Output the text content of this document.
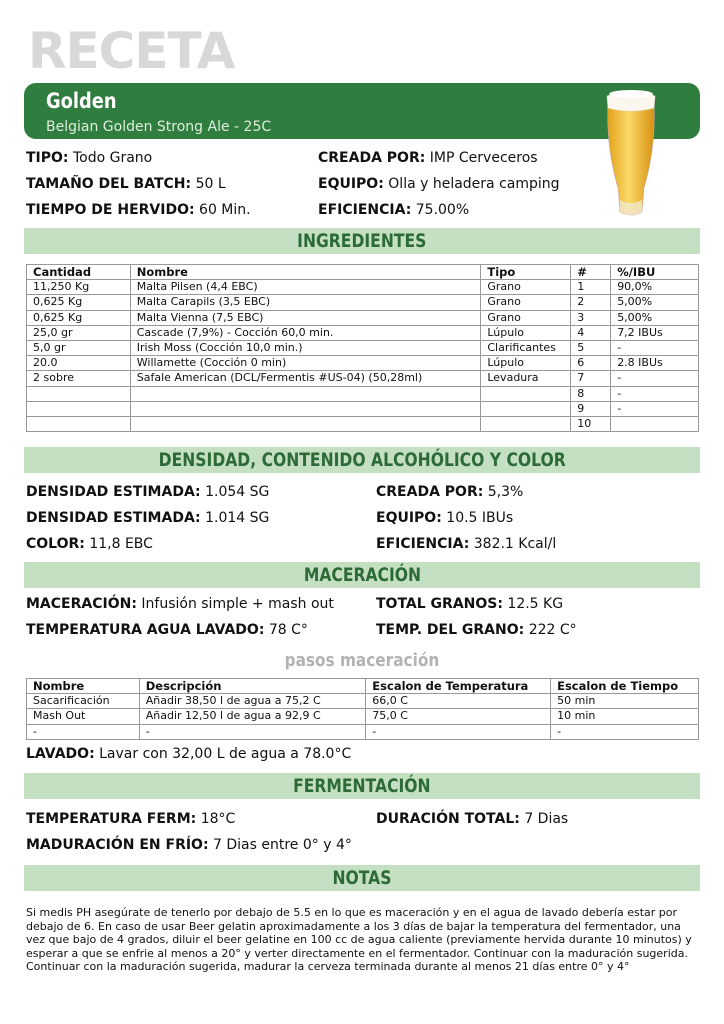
RECETA
Golden
Belgian Golden Strong Ale - 25C
TIPO: Todo Grano
TAMAÑO DEL BATCH: 50 L
TIEMPO DE HERVIDO: 60 Min.
CREADA POR: IMP Cerveceros
EQUIPO: Olla y heladera camping
EFICIENCIA: 75.00%
INGREDIENTES
Cantidad	Nombre	Tipo	#	%/IBU
11,250 Kg	Malta Pilsen (4,4 EBC)	Grano	1	90,0%
0,625 Kg	Malta Carapils (3,5 EBC)	Grano	2	5,00%
0,625 Kg	Malta Vienna (7,5 EBC)	Grano	3	5,00%
25,0 gr	Cascade (7,9%) - Cocción 60,0 min.	Lúpulo	4	7,2 IBUs
5,0 gr	Irish Moss (Cocción 10,0 min.)	Clarificantes	5	-
20.0	Willamette (Cocción 0 min)	Lúpulo	6	2.8 IBUs
2 sobre	Safale American (DCL/Fermentis #US-04) (50,28ml)	Levadura	7	-
			8	-
			9	-
			10	
DENSIDAD, CONTENIDO ALCOHÓLICO Y COLOR
DENSIDAD ESTIMADA: 1.054 SG
DENSIDAD ESTIMADA: 1.014 SG
COLOR: 11,8 EBC
CREADA POR: 5,3%
EQUIPO: 10.5 IBUs
EFICIENCIA: 382.1 Kcal/l
MACERACIÓN
MACERACIÓN: Infusión simple + mash out
TEMPERATURA AGUA LAVADO: 78 C°
TOTAL GRANOS: 12.5 KG
TEMP. DEL GRANO: 222 C°
pasos maceración
Nombre	Descripción	Escalon de Temperatura	Escalon de Tiempo
Sacarificación	Añadir 38,50 l de agua a 75,2 C	66,0 C	50 min
Mash Out	Añadir 12,50 l de agua a 92,9 C	75,0 C	10 min
-	-	-	-
LAVADO: Lavar con 32,00 L de agua a 78.0°C
FERMENTACIÓN
TEMPERATURA FERM: 18°C	DURACIÓN TOTAL: 7 Dias
MADURACIÓN EN FRÍO: 7 Dias entre 0° y 4°
NOTAS
Si medis PH asegúrate de tenerlo por debajo de 5.5 en lo que es maceración y en el agua de lavado debería estar por debajo de 6. En caso de usar Beer gelatin aproximadamente a los 3 días de bajar la temperatura del fermentador, una vez que bajo de 4 grados, diluir el beer gelatine en 100 cc de agua caliente (previamente hervida durante 10 minutos) y esperar a que se enfrie al menos a 20° y verter directamente en el fermentador. Continuar con la maduración sugerida. Continuar con la maduración sugerida, madurar la cerveza terminada durante al menos 21 días entre 0° y 4°
